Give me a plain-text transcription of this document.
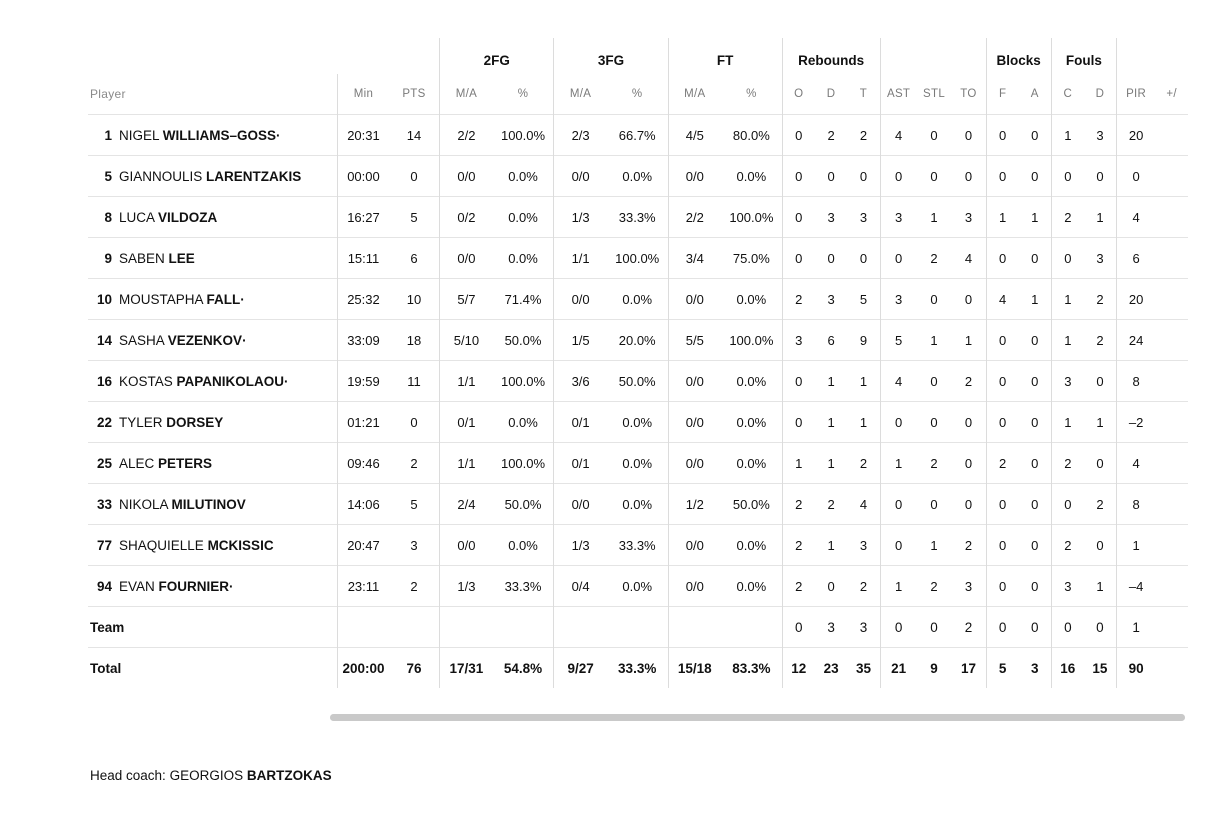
			2FG		3FG		FT		Rebounds						Blocks		Fouls			
Player	Min	PTS	M/A	%	M/A	%	M/A	%	O	D	T	AST	STL	TO	F	A	C	D	PIR	+/
1 NIGEL WILLIAMS–GOSS·	20:31	14	2/2	100.0%	2/3	66.7%	4/5	80.0%	0	2	2	4	0	0	0	0	1	3	20	
5 GIANNOULIS LARENTZAKIS	00:00	0	0/0	0.0%	0/0	0.0%	0/0	0.0%	0	0	0	0	0	0	0	0	0	0	0	
8 LUCA VILDOZA	16:27	5	0/2	0.0%	1/3	33.3%	2/2	100.0%	0	3	3	3	1	3	1	1	2	1	4	
9 SABEN LEE	15:11	6	0/0	0.0%	1/1	100.0%	3/4	75.0%	0	0	0	0	2	4	0	0	0	3	6	
10 MOUSTAPHA FALL·	25:32	10	5/7	71.4%	0/0	0.0%	0/0	0.0%	2	3	5	3	0	0	4	1	1	2	20	
14 SASHA VEZENKOV·	33:09	18	5/10	50.0%	1/5	20.0%	5/5	100.0%	3	6	9	5	1	1	0	0	1	2	24	
16 KOSTAS PAPANIKOLAOU·	19:59	11	1/1	100.0%	3/6	50.0%	0/0	0.0%	0	1	1	4	0	2	0	0	3	0	8	
22 TYLER DORSEY	01:21	0	0/1	0.0%	0/1	0.0%	0/0	0.0%	0	1	1	0	0	0	0	0	1	1	–2	
25 ALEC PETERS	09:46	2	1/1	100.0%	0/1	0.0%	0/0	0.0%	1	1	2	1	2	0	2	0	2	0	4	
33 NIKOLA MILUTINOV	14:06	5	2/4	50.0%	0/0	0.0%	1/2	50.0%	2	2	4	0	0	0	0	0	0	2	8	
77 SHAQUIELLE MCKISSIC	20:47	3	0/0	0.0%	1/3	33.3%	0/0	0.0%	2	1	3	0	1	2	0	0	2	0	1	
94 EVAN FOURNIER·	23:11	2	1/3	33.3%	0/4	0.0%	0/0	0.0%	2	0	2	1	2	3	0	0	3	1	–4	
Team									0	3	3	0	0	2	0	0	0	0	1	
Total	200:00	76	17/31	54.8%	9/27	33.3%	15/18	83.3%	12	23	35	21	9	17	5	3	16	15	90	
Head coach: GEORGIOS BARTZOKAS
